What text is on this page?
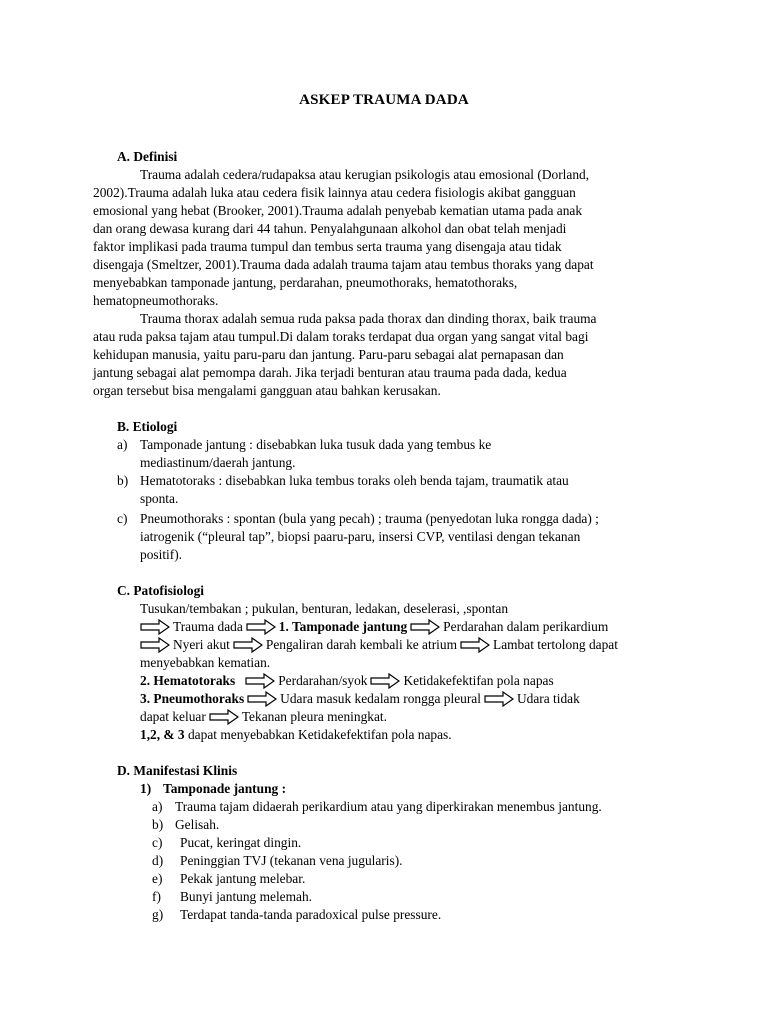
ASKEP TRAUMA DADA
A. Definisi
Trauma adalah cedera/rudapaksa atau kerugian psikologis atau emosional (Dorland,
2002).Trauma adalah luka atau cedera fisik lainnya atau cedera fisiologis akibat gangguan
emosional yang hebat (Brooker, 2001).Trauma adalah penyebab kematian utama pada anak
dan orang dewasa kurang dari 44 tahun. Penyalahgunaan alkohol dan obat telah menjadi
faktor implikasi pada trauma tumpul dan tembus serta trauma yang disengaja atau tidak
disengaja (Smeltzer, 2001).Trauma dada adalah trauma tajam atau tembus thoraks yang dapat
menyebabkan tamponade jantung, perdarahan, pneumothoraks, hematothoraks,
hematopneumothoraks.
Trauma thorax adalah semua ruda paksa pada thorax dan dinding thorax, baik trauma
atau ruda paksa tajam atau tumpul.Di dalam toraks terdapat dua organ yang sangat vital bagi
kehidupan manusia, yaitu paru-paru dan jantung. Paru-paru sebagai alat pernapasan dan
jantung sebagai alat pemompa darah. Jika terjadi benturan atau trauma pada dada, kedua
organ tersebut bisa mengalami gangguan atau bahkan kerusakan.
B. Etiologi
a) Tamponade jantung : disebabkan luka tusuk dada yang tembus ke
mediastinum/daerah jantung.
b) Hematotoraks : disebabkan luka tembus toraks oleh benda tajam, traumatik atau
sponta.
c) Pneumothoraks : spontan (bula yang pecah) ; trauma (penyedotan luka rongga dada) ;
iatrogenik (“pleural tap”, biopsi paaru-paru, insersi CVP, ventilasi dengan tekanan
positif).
C. Patofisiologi
Tusukan/tembakan ; pukulan, benturan, ledakan, deselerasi, ,spontan
Trauma dada	1. Tamponade jantung	Perdarahan dalam perikardium
Nyeri akut	Pengaliran darah kembali ke atrium	Lambat tertolong dapat
menyebabkan kematian.
2. Hematotoraks	Perdarahan/syok	Ketidakefektifan pola napas
3. Pneumothoraks	Udara masuk kedalam rongga pleural	Udara tidak
dapat keluar	Tekanan pleura meningkat.
1,2, & 3 dapat menyebabkan Ketidakefektifan pola napas.
D. Manifestasi Klinis
1) Tamponade jantung :
a) Trauma tajam didaerah perikardium atau yang diperkirakan menembus jantung.
b) Gelisah.
c) Pucat, keringat dingin.
d) Peninggian TVJ (tekanan vena jugularis).
e) Pekak jantung melebar.
f) Bunyi jantung melemah.
g) Terdapat tanda-tanda paradoxical pulse pressure.
